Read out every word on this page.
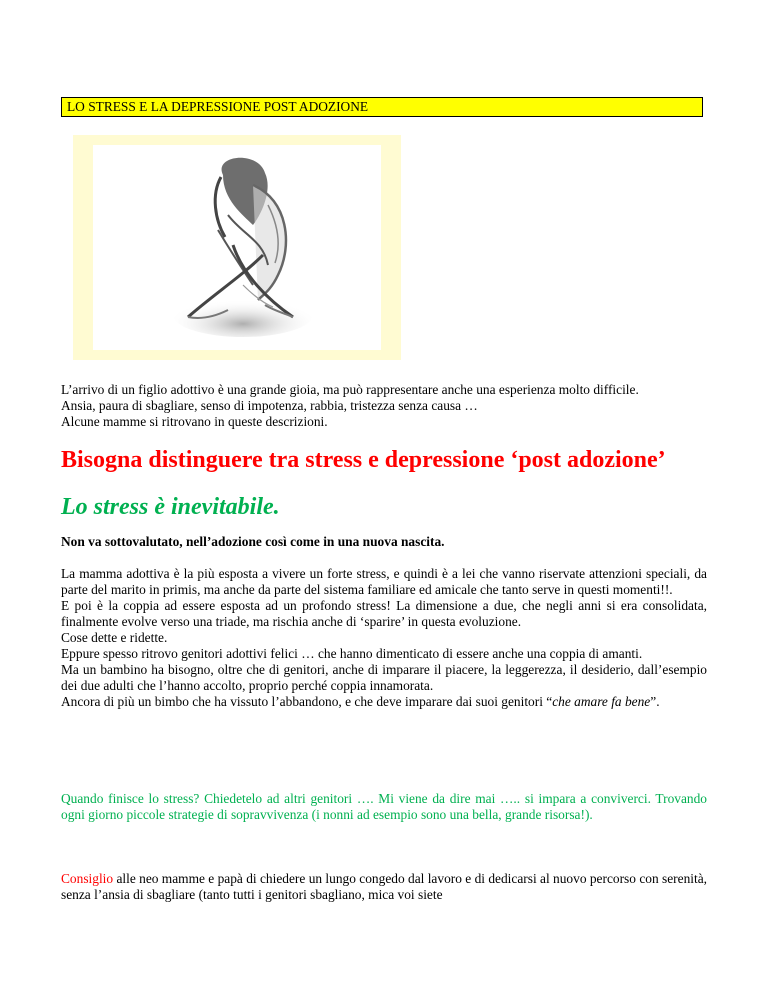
LO STRESS E LA DEPRESSIONE POST ADOZIONE

L’arrivo di un figlio adottivo è una grande gioia, ma può rappresentare anche una esperienza molto difficile.

Ansia, paura di sbagliare, senso di impotenza, rabbia, tristezza senza causa …

Alcune mamme si ritrovano in queste descrizioni.

Bisogna distinguere tra stress e depressione ‘post adozione’
Lo stress è inevitabile.
Non va sottovalutato, nell’adozione così come in una nuova nascita.

La mamma adottiva è la più esposta a vivere un forte stress, e quindi è a lei che vanno riservate attenzioni speciali, da parte del marito in primis, ma anche da parte del sistema familiare ed amicale che tanto serve in questi momenti!!.

E poi è la coppia ad essere esposta ad un profondo stress! La dimensione a due, che negli anni si era consolidata, finalmente evolve verso una triade, ma rischia anche di ‘sparire’ in questa evoluzione.

Cose dette e ridette.

Eppure spesso ritrovo genitori adottivi felici … che hanno dimenticato di essere anche una coppia di amanti.

Ma un bambino ha bisogno, oltre che di genitori, anche di imparare il piacere, la leggerezza, il desiderio, dall’esempio dei due adulti che l’hanno accolto, proprio perché coppia innamorata.

Ancora di più un bimbo che ha vissuto l’abbandono, e che deve imparare dai suoi genitori “che amare fa bene”.

Quando finisce lo stress? Chiedetelo ad altri genitori …. Mi viene da dire mai ….. si impara a conviverci. Trovando ogni giorno piccole strategie di sopravvivenza (i nonni ad esempio sono una bella, grande risorsa!).
Consiglio alle neo mamme e papà di chiedere un lungo congedo dal lavoro e di dedicarsi al nuovo percorso con serenità, senza l’ansia di sbagliare (tanto tutti i genitori sbagliano, mica voi siete
